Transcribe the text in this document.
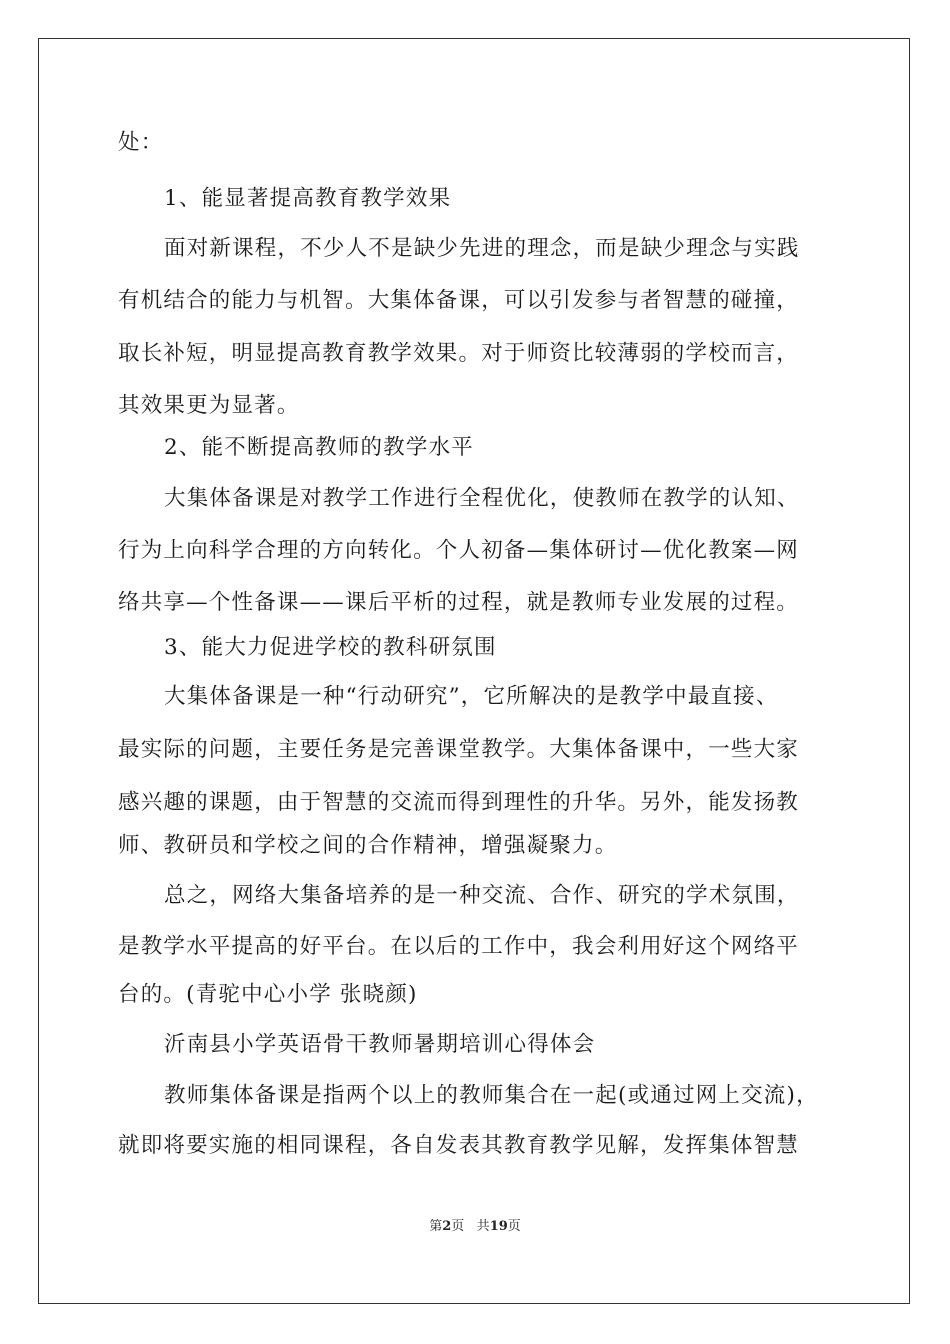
处：
1、能显著提高教育教学效果
面对新课程，不少人不是缺少先进的理念，而是缺少理念与实践
有机结合的能力与机智。大集体备课，可以引发参与者智慧的碰撞，
取长补短，明显提高教育教学效果。对于师资比较薄弱的学校而言，
其效果更为显著。
2、能不断提高教师的教学水平
大集体备课是对教学工作进行全程优化，使教师在教学的认知、
行为上向科学合理的方向转化。个人初备—集体研讨—优化教案—网
络共享—个性备课——课后平析的过程，就是教师专业发展的过程。
3、能大力促进学校的教科研氛围
大集体备课是一种“行动研究”，它所解决的是教学中最直接、
最实际的问题，主要任务是完善课堂教学。大集体备课中，一些大家
感兴趣的课题，由于智慧的交流而得到理性的升华。另外，能发扬教
师、教研员和学校之间的合作精神，增强凝聚力。
总之，网络大集备培养的是一种交流、合作、研究的学术氛围，
是教学水平提高的好平台。在以后的工作中，我会利用好这个网络平
台的。(青驼中心小学 张晓颜)
沂南县小学英语骨干教师暑期培训心得体会
教师集体备课是指两个以上的教师集合在一起(或通过网上交流)，
就即将要实施的相同课程，各自发表其教育教学见解，发挥集体智慧
第2页 共19页
